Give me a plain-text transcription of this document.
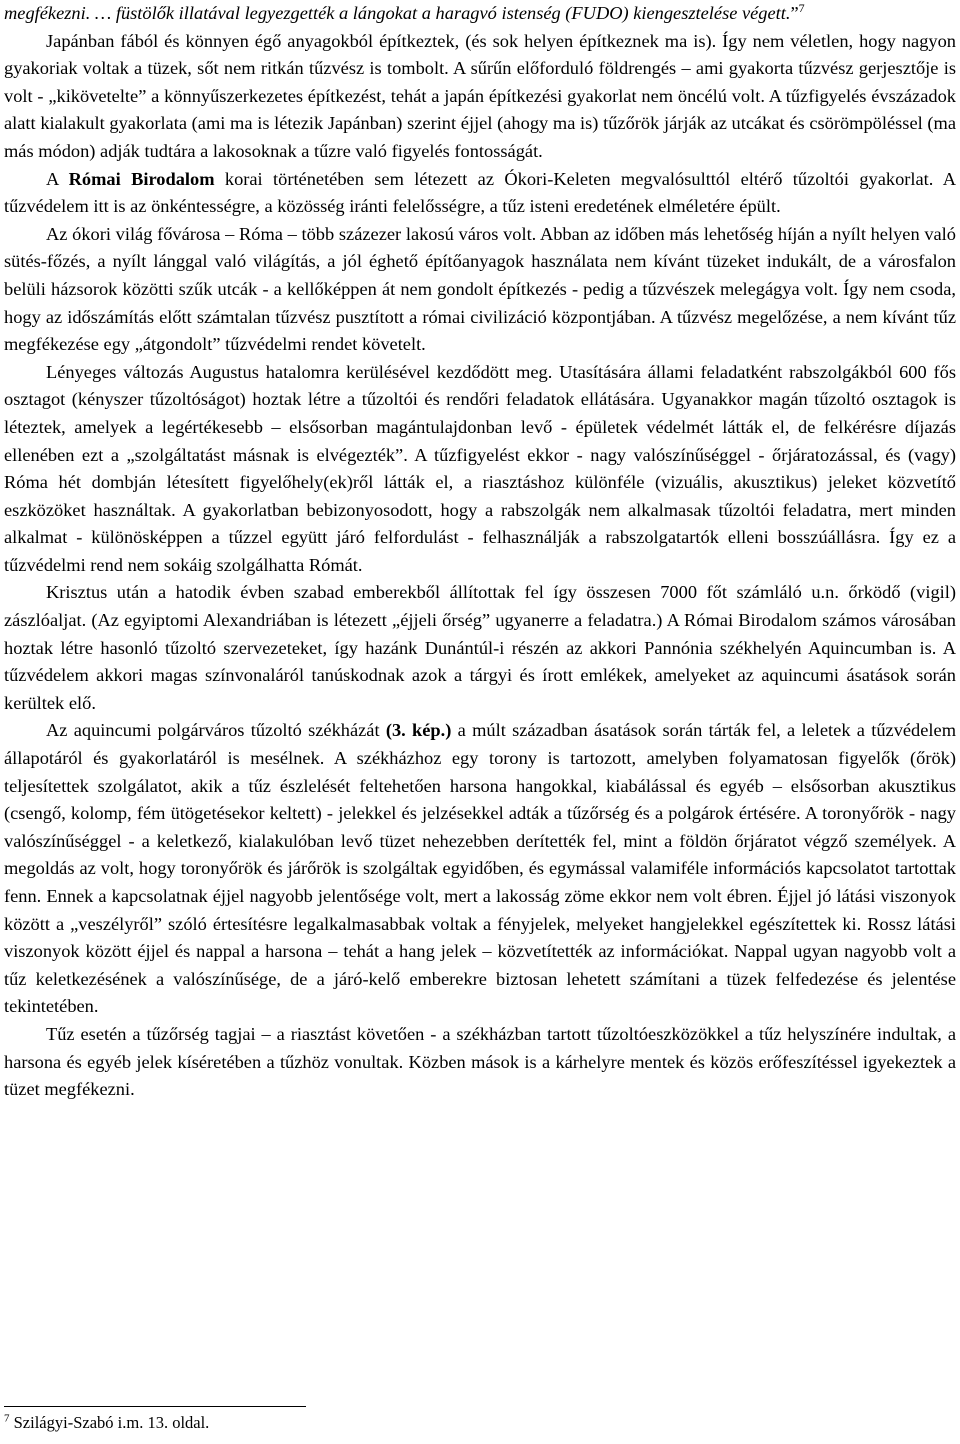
megfékezni. … füstölők illatával legyezgették a lángokat a haragvó istenség (FUDO) kiengesztelése végett.”$^7$

Japánban fából és könnyen égő anyagokból építkeztek, (és sok helyen építkeznek ma is). Így nem véletlen, hogy nagyon gyakoriak voltak a tüzek, sőt nem ritkán tűzvész is tombolt. A sűrűn előforduló földrengés – ami gyakorta tűzvész gerjesztője is volt - „kikövetelte” a könnyűszerkezetes építkezést, tehát a japán építkezési gyakorlat nem öncélú volt. A tűzfigyelés évszázadok alatt kialakult gyakorlata (ami ma is létezik Japánban) szerint éjjel (ahogy ma is) tűzőrök járják az utcákat és csörömpöléssel (ma más módon) adják tudtára a lakosoknak a tűzre való figyelés fontosságát.

A Római Birodalom korai történetében sem létezett az Ókori-Keleten megvalósulttól eltérő tűzoltói gyakorlat. A tűzvédelem itt is az önkéntességre, a közösség iránti felelősségre, a tűz isteni eredetének elméletére épült.

Az ókori világ fővárosa – Róma – több százezer lakosú város volt. Abban az időben más lehetőség híján a nyílt helyen való sütés-főzés, a nyílt lánggal való világítás, a jól éghető építőanyagok használata nem kívánt tüzeket indukált, de a városfalon belüli házsorok közötti szűk utcák - a kellőképpen át nem gondolt építkezés - pedig a tűzvészek melegágya volt. Így nem csoda, hogy az időszámítás előtt számtalan tűzvész pusztított a római civilizáció központjában. A tűzvész megelőzése, a nem kívánt tűz megfékezése egy „átgondolt” tűzvédelmi rendet követelt.

Lényeges változás Augustus hatalomra kerülésével kezdődött meg. Utasítására állami feladatként rabszolgákból 600 fős osztagot (kényszer tűzoltóságot) hoztak létre a tűzoltói és rendőri feladatok ellátására. Ugyanakkor magán tűzoltó osztagok is léteztek, amelyek a legértékesebb – elsősorban magántulajdonban levő - épületek védelmét látták el, de felkérésre díjazás ellenében ezt a „szolgáltatást másnak is elvégezték”. A tűzfigyelést ekkor - nagy valószínűséggel - őrjáratozással, és (vagy) Róma hét dombján létesített figyelőhely(ek)ről látták el, a riasztáshoz különféle (vizuális, akusztikus) jeleket közvetítő eszközöket használtak. A gyakorlatban bebizonyosodott, hogy a rabszolgák nem alkalmasak tűzoltói feladatra, mert minden alkalmat - különösképpen a tűzzel együtt járó felfordulást - felhasználják a rabszolgatartók elleni bosszúállásra. Így ez a tűzvédelmi rend nem sokáig szolgálhatta Rómát.

Krisztus után a hatodik évben szabad emberekből állítottak fel így összesen 7000 főt számláló u.n. őrködő (vigil) zászlóaljat. (Az egyiptomi Alexandriában is létezett „éjjeli őrség” ugyanerre a feladatra.) A Római Birodalom számos városában hoztak létre hasonló tűzoltó szervezeteket, így hazánk Dunántúl-i részén az akkori Pannónia székhelyén Aquincumban is. A tűzvédelem akkori magas színvonaláról tanúskodnak azok a tárgyi és írott emlékek, amelyeket az aquincumi ásatások során kerültek elő.

Az aquincumi polgárváros tűzoltó székházát (3. kép.) a múlt században ásatások során tárták fel, a leletek a tűzvédelem állapotáról és gyakorlatáról is mesélnek. A székházhoz egy torony is tartozott, amelyben folyamatosan figyelők (őrök) teljesítettek szolgálatot, akik a tűz észlelését feltehetően harsona hangokkal, kiabálással és egyéb – elsősorban akusztikus (csengő, kolomp, fém ütögetésekor keltett) - jelekkel és jelzésekkel adták a tűzőrség és a polgárok értésére. A toronyőrök - nagy valószínűséggel - a keletkező, kialakulóban levő tüzet nehezebben derítették fel, mint a földön őrjáratot végző személyek. A megoldás az volt, hogy toronyőrök és járőrök is szolgáltak egyidőben, és egymással valamiféle információs kapcsolatot tartottak fenn. Ennek a kapcsolatnak éjjel nagyobb jelentősége volt, mert a lakosság zöme ekkor nem volt ébren. Éjjel jó látási viszonyok között a „veszélyről” szóló értesítésre legalkalmasabbak voltak a fényjelek, melyeket hangjelekkel egészítettek ki. Rossz látási viszonyok között éjjel és nappal a harsona – tehát a hang jelek – közvetítették az információkat. Nappal ugyan nagyobb volt a tűz keletkezésének a valószínűsége, de a járó-kelő emberekre biztosan lehetett számítani a tüzek felfedezése és jelentése tekintetében.

Tűz esetén a tűzőrség tagjai – a riasztást követően - a székházban tartott tűzoltóeszközökkel a tűz helyszínére indultak, a harsona és egyéb jelek kíséretében a tűzhöz vonultak. Közben mások is a kárhelyre mentek és közös erőfeszítéssel igyekeztek a tüzet megfékezni.

$^7$ Szilágyi-Szabó i.m. 13. oldal.
